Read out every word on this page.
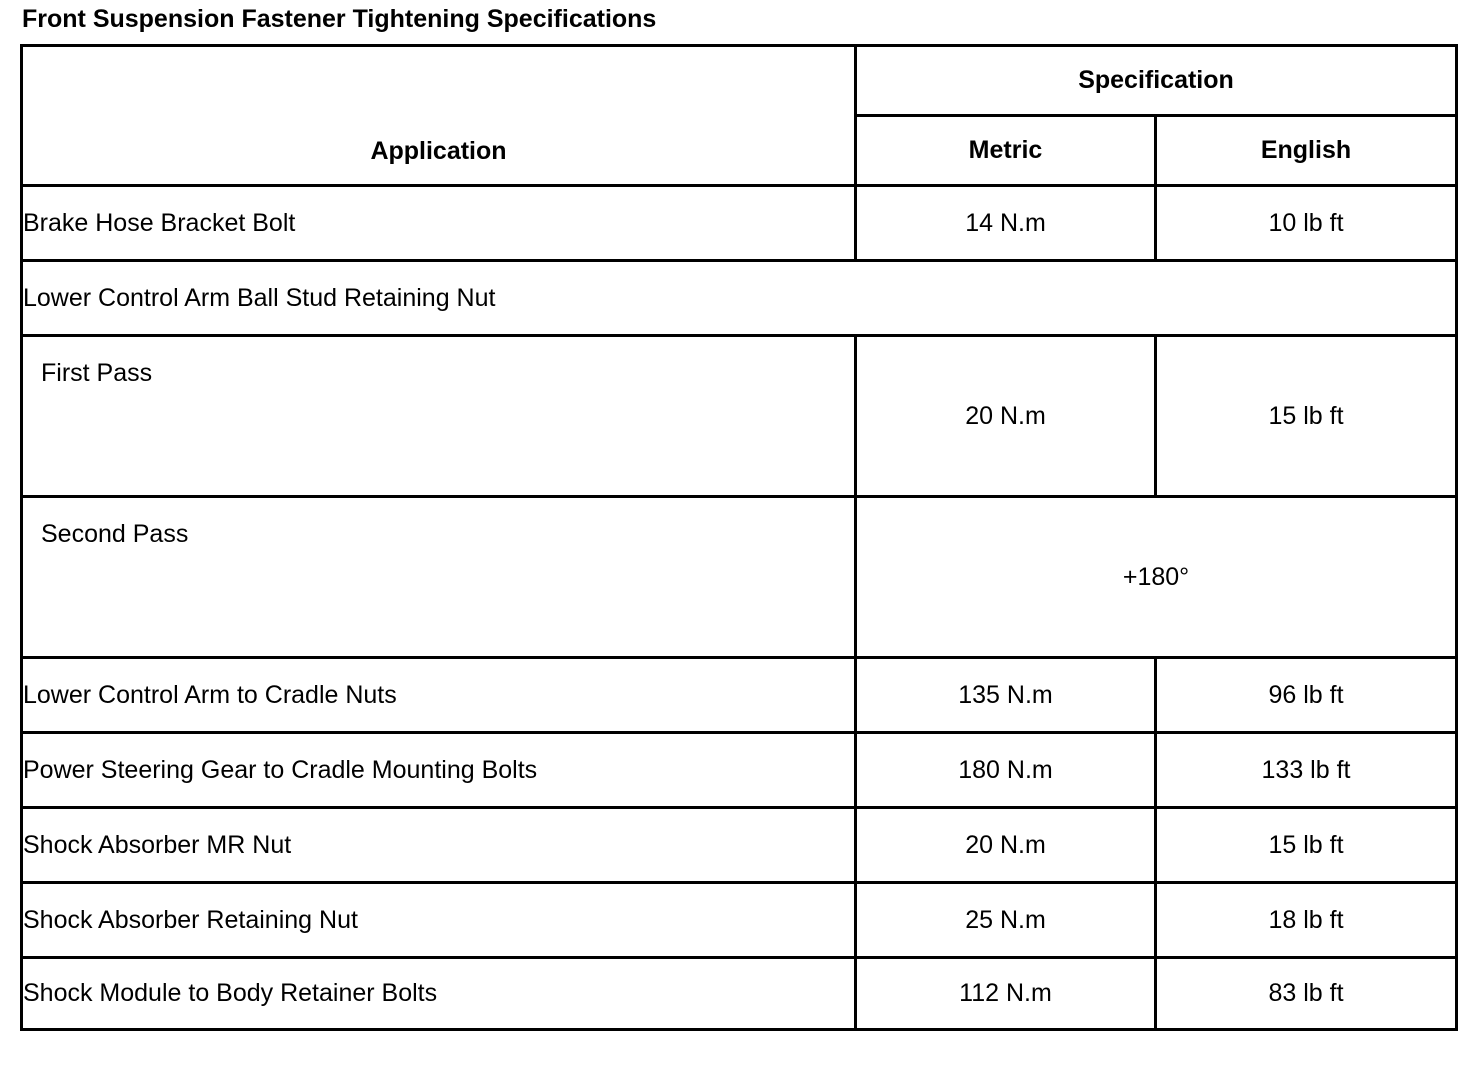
Front Suspension Fastener Tightening Specifications
Application	Specification	
	Metric	English
Brake Hose Bracket Bolt	14 N.m	10 lb ft
Lower Control Arm Ball Stud Retaining Nut		
First Pass	20 N.m	15 lb ft
Second Pass	+180°	
Lower Control Arm to Cradle Nuts	135 N.m	96 lb ft
Power Steering Gear to Cradle Mounting Bolts	180 N.m	133 lb ft
Shock Absorber MR Nut	20 N.m	15 lb ft
Shock Absorber Retaining Nut	25 N.m	18 lb ft
Shock Module to Body Retainer Bolts	112 N.m	83 lb ft
